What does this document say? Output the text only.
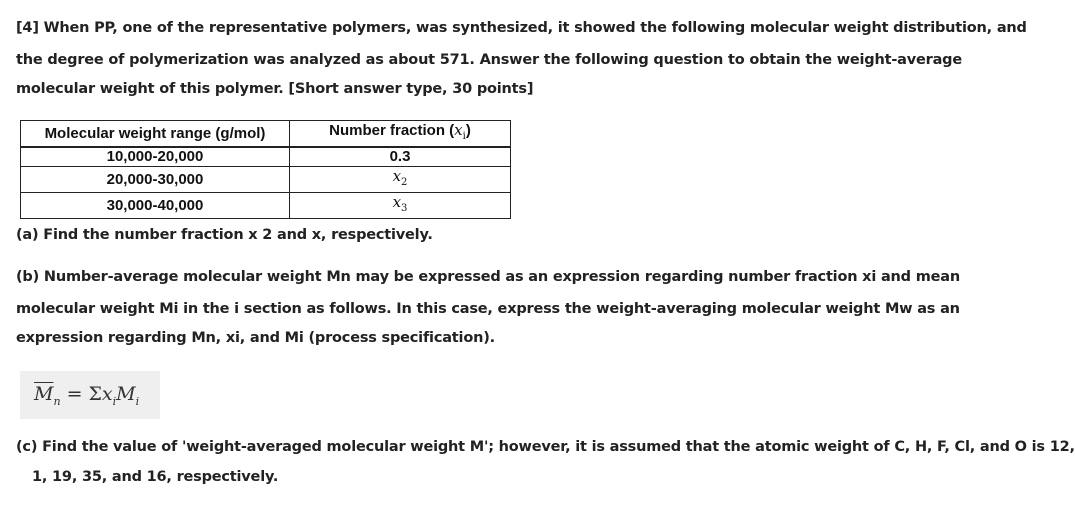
[4] When PP, one of the representative polymers, was synthesized, it showed the following molecular weight distribution, and
the degree of polymerization was analyzed as about 571. Answer the following question to obtain the weight-average
molecular weight of this polymer. [Short answer type, 30 points]
Molecular weight range (g/mol)	Number fraction $(x_i)$
10,000-20,000	0.3
20,000-30,000	$x_2$
30,000-40,000	$x_3$
(a) Find the number fraction x 2 and x, respectively.
(b) Number-average molecular weight Mn may be expressed as an expression regarding number fraction xi and mean
molecular weight Mi in the i section as follows. In this case, express the weight-averaging molecular weight Mw as an
expression regarding Mn, xi, and Mi (process specification).
$\overline{M}_n = \Sigma x_iM_i$
(c) Find the value of 'weight-averaged molecular weight M'; however, it is assumed that the atomic weight of C, H, F, Cl, and O is 12,
1, 19, 35, and 16, respectively.
